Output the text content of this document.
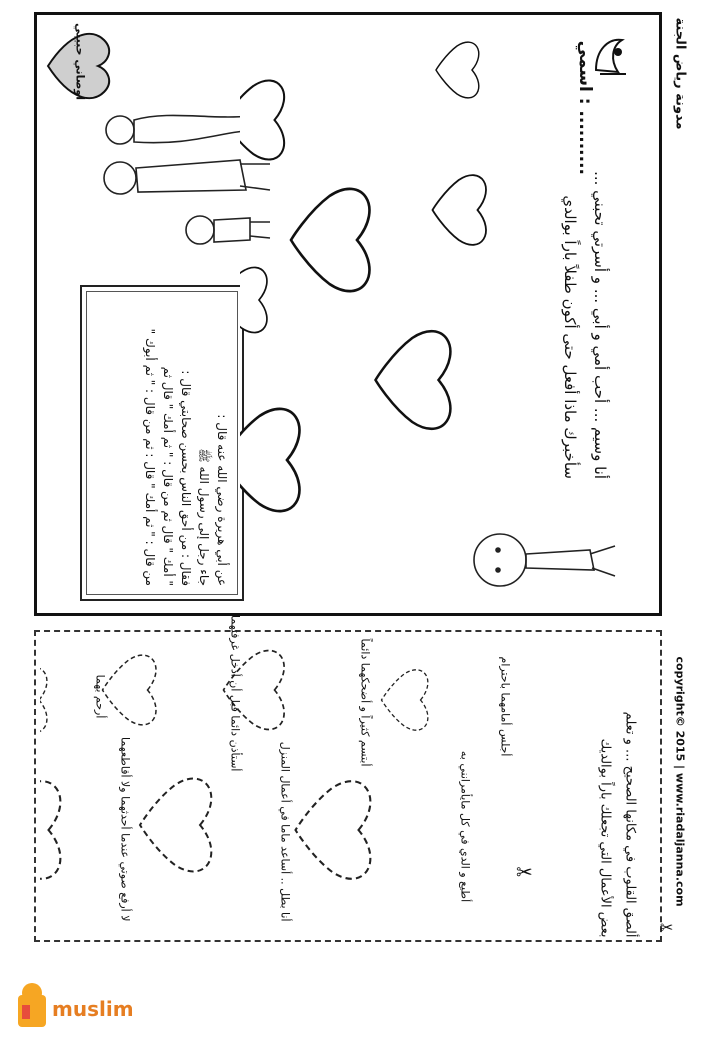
مدونة رياض الجنة
اسمي : ..........
أنا وسيم ... أحب أمي و أبي ... و أسرتي تحبني ...
سأخبرك ماذا أفعل حتى أكون طفلاً باراً بوالدي
أوصاني حبيبي
عن أبي هريرة رضي الله عنه قال :
جاء رجل إلى رسول الله ﷺ
فقال : من أحق الناس بحسن صحابتي قال :
" أمك " قال ثم من قال : " ثم أمك " قال ثم
من قال : " ثم أمك " قال : ثم من قال : " ثم أبوك "
ألصق القلوب في مكانها الصحيح ... و تعلم
بعض الأعمال التي تجعلك باراً بوالديك	copyright© 2015 | www.riadaljanna.com
✂
✂
أجلس أمامهما باحترام
أبتسم كثيراً و أضحكهما دائماً
أستأذن دائما قبل أن أدخل غرفتهما
أرحم بهما
أطيع و الدي في كل مايأمرانني به
أنا بطل .. أساعد ماما في أعمال المنزل
لا أرفع صوتي عندما أحدثهما ولا أقاطعهما
muslim
